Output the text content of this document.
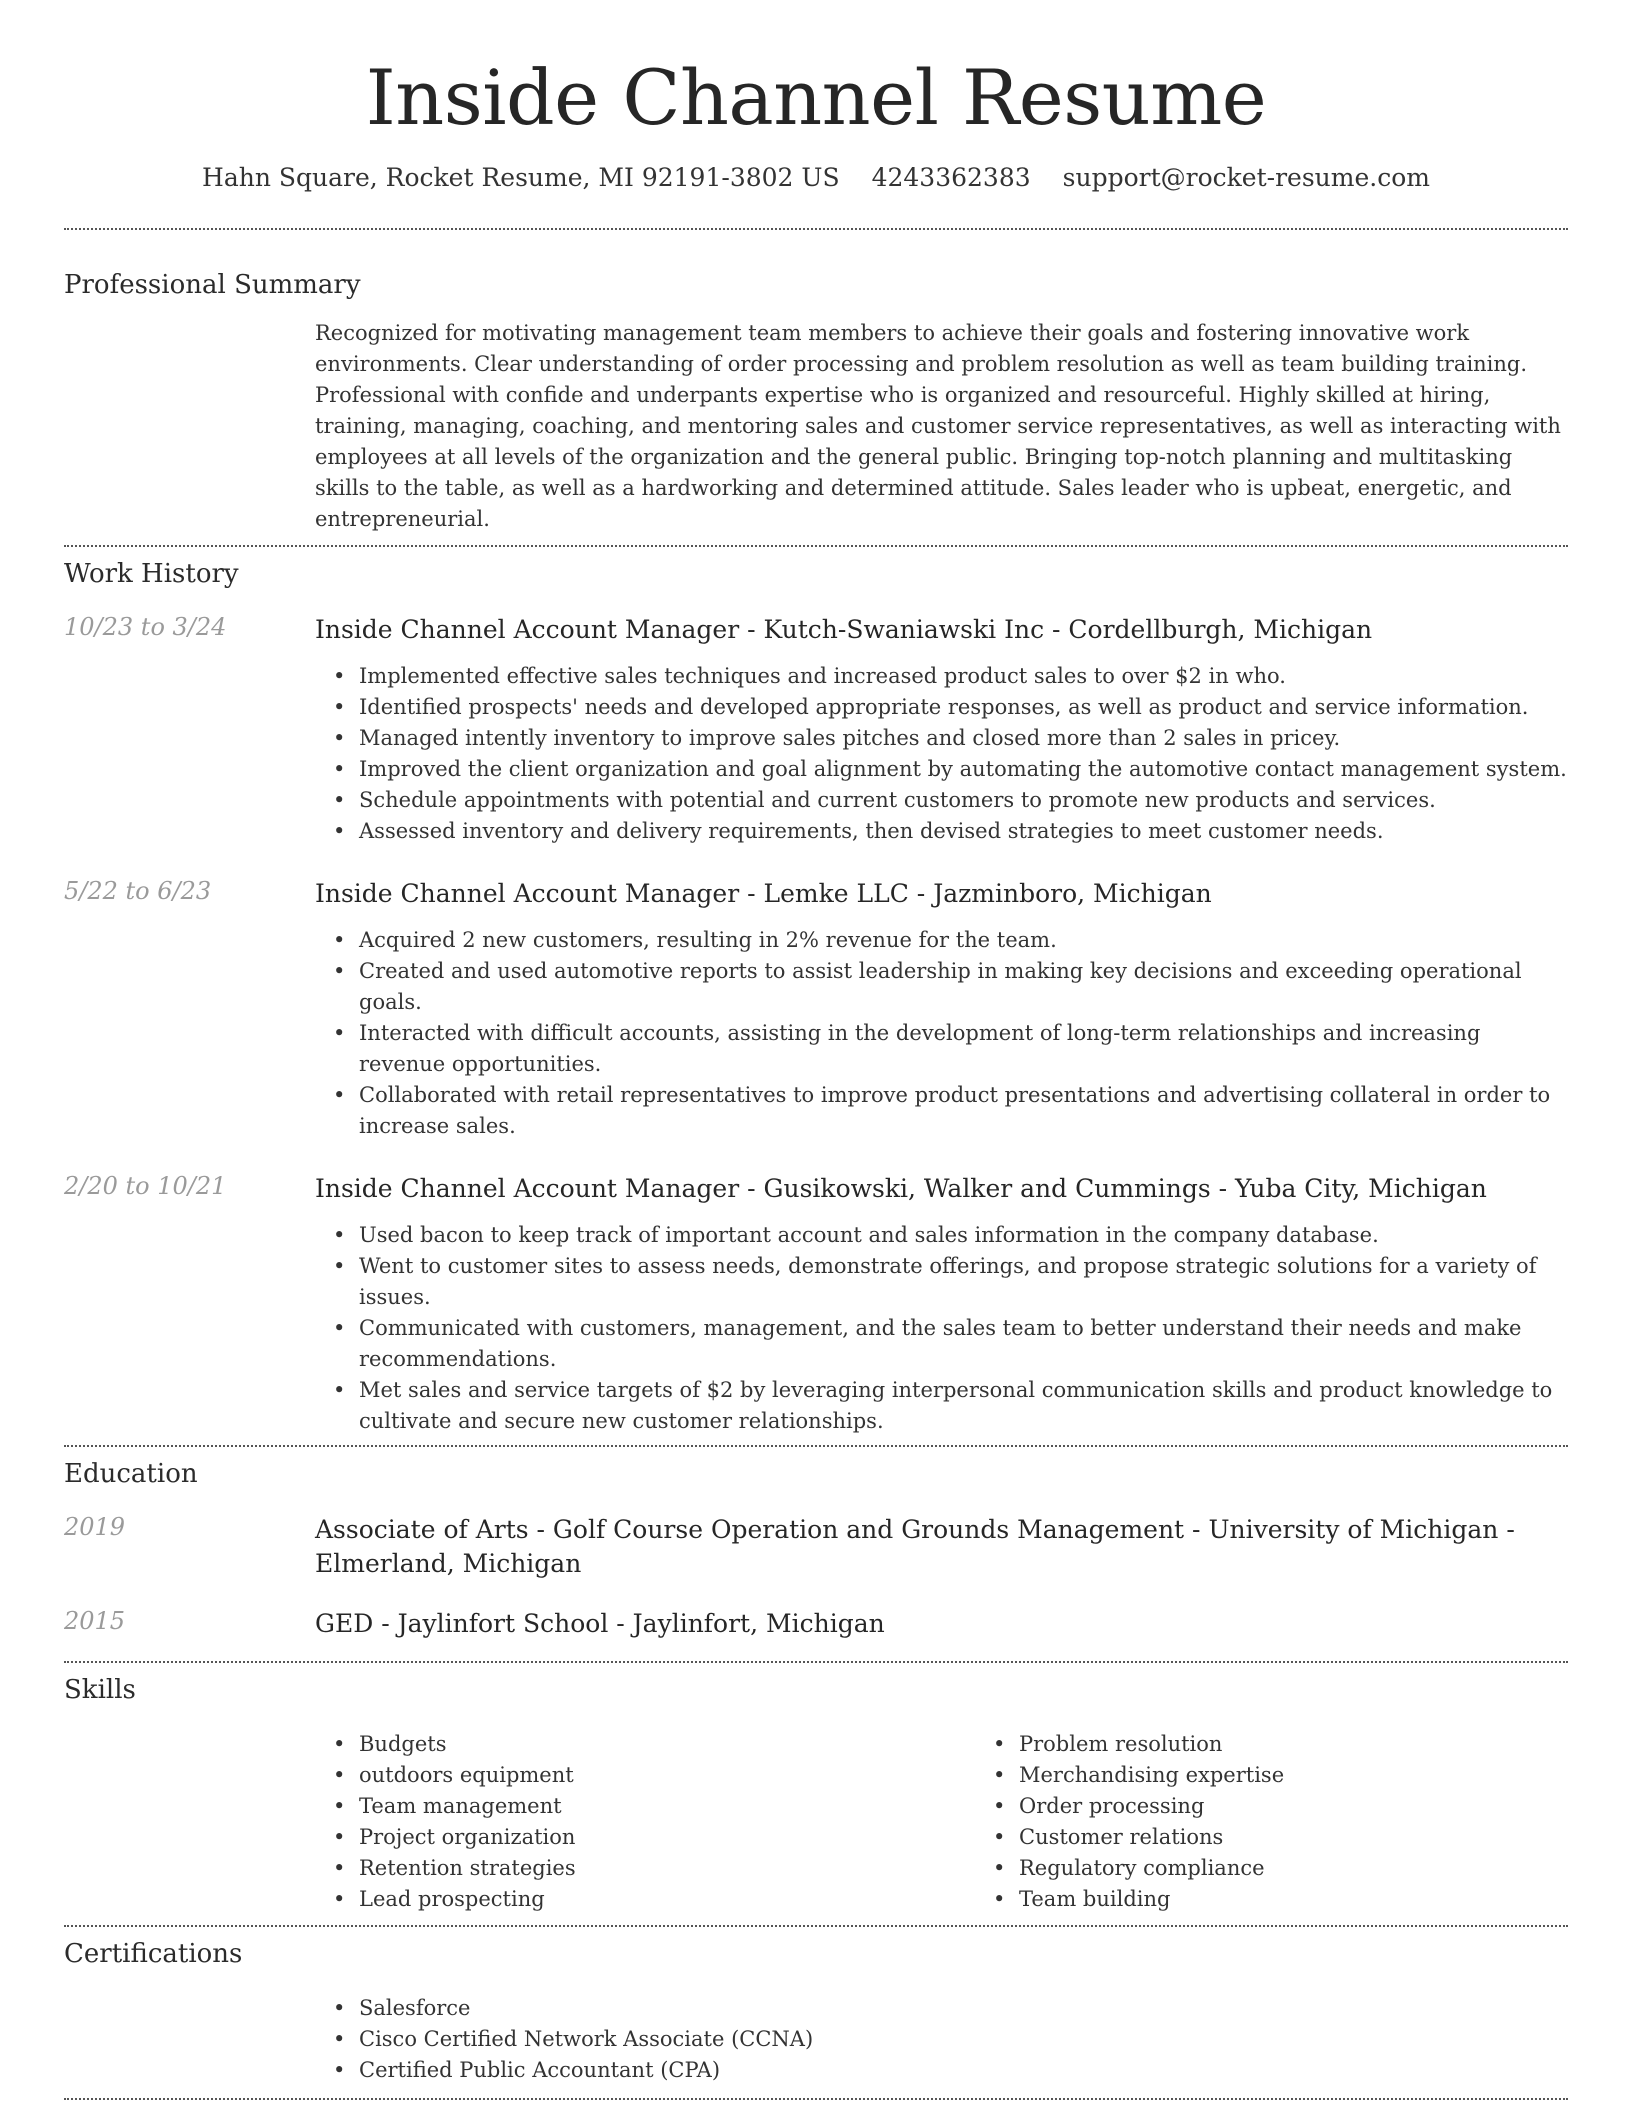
Inside Channel Resume
Hahn Square, Rocket Resume, MI 92191-3802 US 4243362383 support@rocket-resume.com
Professional Summary

Recognized for motivating management team members to achieve their goals and fostering innovative work environments. Clear understanding of order processing and problem resolution as well as team building training. Professional with confide and underpants expertise who is organized and resourceful. Highly skilled at hiring, training, managing, coaching, and mentoring sales and customer service representatives, as well as interacting with employees at all levels of the organization and the general public. Bringing top-notch planning and multitasking skills to the table, as well as a hardworking and determined attitude. Sales leader who is upbeat, energetic, and entrepreneurial.

Work History
10/23 to 3/24	Inside Channel Account Manager - Kutch-Swaniawski Inc - Cordellburgh, Michigan
• Implemented effective sales techniques and increased product sales to over $2 in who.
• Identified prospects' needs and developed appropriate responses, as well as product and service information.
• Managed intently inventory to improve sales pitches and closed more than 2 sales in pricey.
• Improved the client organization and goal alignment by automating the automotive contact management system.
• Schedule appointments with potential and current customers to promote new products and services.
• Assessed inventory and delivery requirements, then devised strategies to meet customer needs.
5/22 to 6/23	Inside Channel Account Manager - Lemke LLC - Jazminboro, Michigan
• Acquired 2 new customers, resulting in 2% revenue for the team.
• Created and used automotive reports to assist leadership in making key decisions and exceeding operational goals.
• Interacted with difficult accounts, assisting in the development of long-term relationships and increasing revenue opportunities.
• Collaborated with retail representatives to improve product presentations and advertising collateral in order to increase sales.
2/20 to 10/21	Inside Channel Account Manager - Gusikowski, Walker and Cummings - Yuba City, Michigan
• Used bacon to keep track of important account and sales information in the company database.
• Went to customer sites to assess needs, demonstrate offerings, and propose strategic solutions for a variety of issues.
• Communicated with customers, management, and the sales team to better understand their needs and make recommendations.
• Met sales and service targets of $2 by leveraging interpersonal communication skills and product knowledge to cultivate and secure new customer relationships.
Education
2019	Associate of Arts - Golf Course Operation and Grounds Management - University of Michigan - Elmerland, Michigan
2015	GED - Jaylinfort School - Jaylinfort, Michigan
Skills
• Budgets
• outdoors equipment
• Team management
• Project organization
• Retention strategies
• Lead prospecting
• Problem resolution
• Merchandising expertise
• Order processing
• Customer relations
• Regulatory compliance
• Team building
Certifications
• Salesforce
• Cisco Certified Network Associate (CCNA)
• Certified Public Accountant (CPA)
